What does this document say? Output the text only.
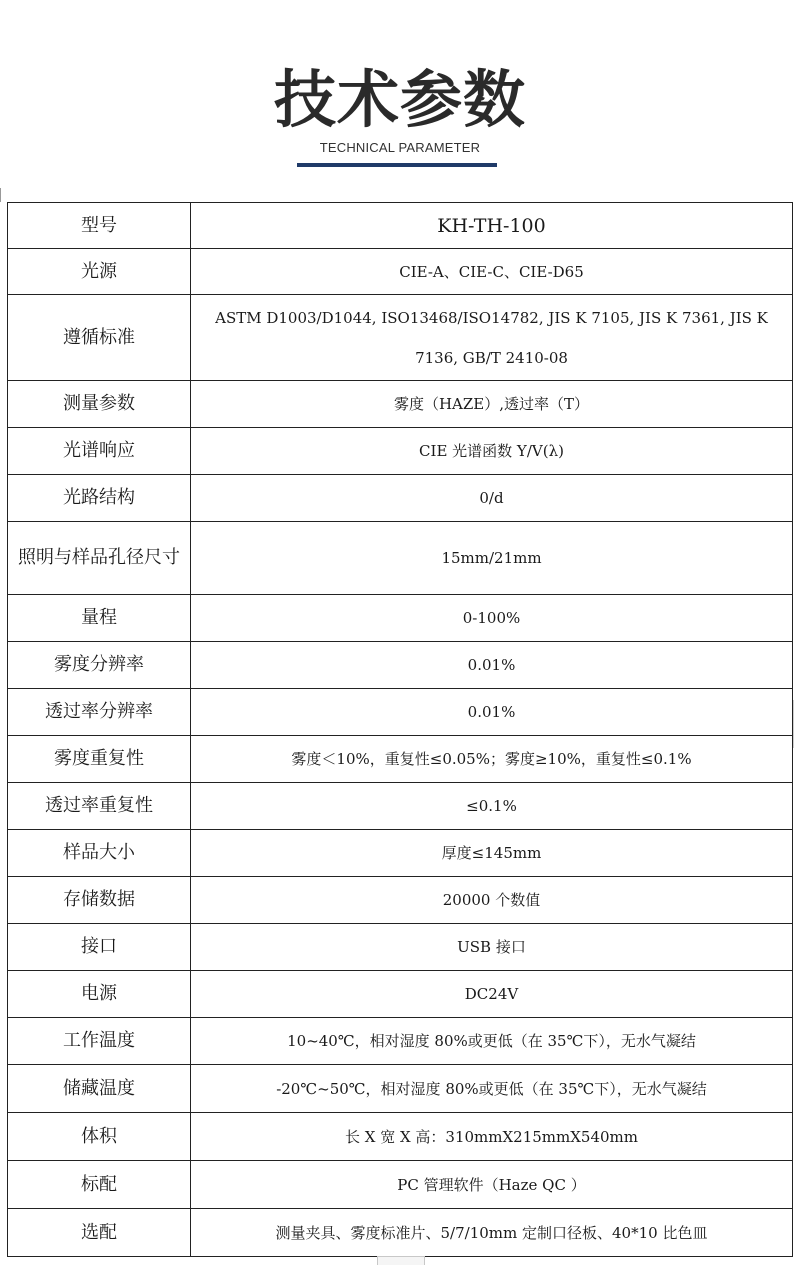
技术参数
TECHNICAL PARAMETER
型号	KH-TH-100
光源	CIE-A、CIE-C、CIE-D65
遵循标准	ASTM D1003/D1044, ISO13468/ISO14782, JIS K 7105, JIS K 7361, JIS K 7136, GB/T 2410-08
测量参数	雾度（HAZE）,透过率（T）
光谱响应	CIE 光谱函数 Y/V(λ)
光路结构	0/d
照明与样品孔径尺寸	15mm/21mm
量程	0-100%
雾度分辨率	0.01%
透过率分辨率	0.01%
雾度重复性	雾度＜10%，重复性≤0.05%；雾度≥10%，重复性≤0.1%
透过率重复性	≤0.1%
样品大小	厚度≤145mm
存储数据	20000 个数值
接口	USB 接口
电源	DC24V
工作温度	10~40℃，相对湿度 80%或更低（在 35℃下），无水气凝结
储藏温度	-20℃~50℃，相对湿度 80%或更低（在 35℃下），无水气凝结
体积	长 X 宽 X 高：310mmX215mmX540mm
标配	PC 管理软件（Haze QC ）
选配	测量夹具、雾度标准片、5/7/10mm 定制口径板、40*10 比色皿
